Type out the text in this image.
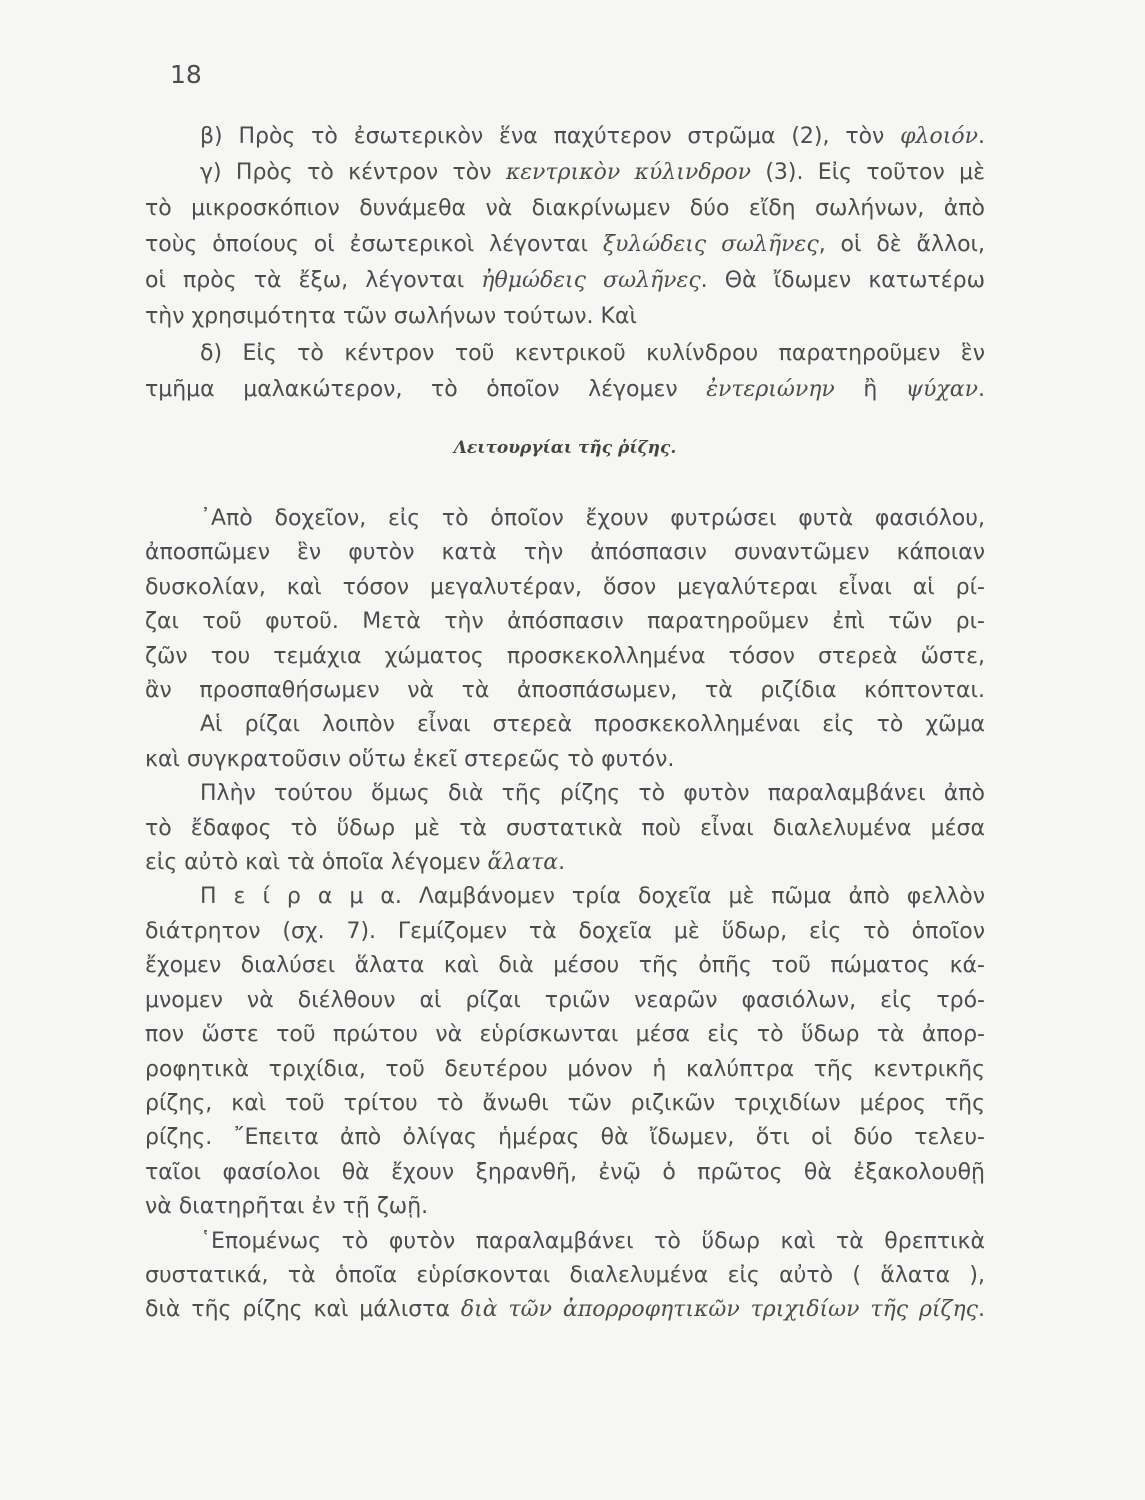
18
β) Πρὸς τὸ ἐσωτερικὸν ἕνα παχύτερον στρῶμα (2), τὸν φλοιόν.
γ) Πρὸς τὸ κέντρον τὸν κεντρικὸν κύλινδρον (3). Εἰς τοῦτον μὲ
τὸ μικροσκόπιον δυνάμεθα νὰ διακρίνωμεν δύο εἴδη σωλήνων, ἀπὸ
τοὺς ὁποίους οἱ ἐσωτερικοὶ λέγονται ξυλώδεις σωλῆνες, οἱ δὲ ἄλλοι,
οἱ πρὸς τὰ ἔξω, λέγονται ἠθμώδεις σωλῆνες. Θὰ ἴδωμεν κατωτέρω
τὴν χρησιμότητα τῶν σωλήνων τούτων. Καὶ
δ) Εἰς τὸ κέντρον τοῦ κεντρικοῦ κυλίνδρου παρατηροῦμεν ἓν
τμῆμα μαλακώτερον, τὸ ὁποῖον λέγομεν ἐντεριώνην ἢ ψύχαν.
Λειτουργίαι τῆς ῥίζης.
᾽Απὸ δοχεῖον, εἰς τὸ ὁποῖον ἔχουν φυτρώσει φυτὰ φασιόλου,
ἀποσπῶμεν ἓν φυτὸν κατὰ τὴν ἀπόσπασιν συναντῶμεν κάποιαν
δυσκολίαν, καὶ τόσον μεγαλυτέραν, ὅσον μεγαλύτεραι εἶναι αἱ ρί-
ζαι τοῦ φυτοῦ. Μετὰ τὴν ἀπόσπασιν παρατηροῦμεν ἐπὶ τῶν ρι-
ζῶν του τεμάχια χώματος προσκεκολλημένα τόσον στερεὰ ὥστε,
ἂν προσπαθήσωμεν νὰ τὰ ἀποσπάσωμεν, τὰ ριζίδια κόπτονται.
Αἱ ρίζαι λοιπὸν εἶναι στερεὰ προσκεκολλημέναι εἰς τὸ χῶμα
καὶ συγκρατοῦσιν οὕτω ἐκεῖ στερεῶς τὸ φυτόν.
Πλὴν τούτου ὅμως διὰ τῆς ρίζης τὸ φυτὸν παραλαμβάνει ἀπὸ
τὸ ἔδαφος τὸ ὕδωρ μὲ τὰ συστατικὰ ποὺ εἶναι διαλελυμένα μέσα
εἰς αὐτὸ καὶ τὰ ὁποῖα λέγομεν ἅλατα.
Π ε ί ρ α μ α. Λαμβάνομεν τρία δοχεῖα μὲ πῶμα ἀπὸ φελλὸν
διάτρητον (σχ. 7). Γεμίζομεν τὰ δοχεῖα μὲ ὕδωρ, εἰς τὸ ὁποῖον
ἔχομεν διαλύσει ἅλατα καὶ διὰ μέσου τῆς ὀπῆς τοῦ πώματος κά-
μνομεν νὰ διέλθουν αἱ ρίζαι τριῶν νεαρῶν φασιόλων, εἰς τρό-
πον ὥστε τοῦ πρώτου νὰ εὑρίσκωνται μέσα εἰς τὸ ὕδωρ τὰ ἀπορ-
ροφητικὰ τριχίδια, τοῦ δευτέρου μόνον ἡ καλύπτρα τῆς κεντρικῆς
ρίζης, καὶ τοῦ τρίτου τὸ ἄνωθι τῶν ριζικῶν τριχιδίων μέρος τῆς
ρίζης. ῎Επειτα ἀπὸ ὀλίγας ἡμέρας θὰ ἴδωμεν, ὅτι οἱ δύο τελευ-
ταῖοι φασίολοι θὰ ἔχουν ξηρανθῆ, ἐνῷ ὁ πρῶτος θὰ ἐξακολουθῇ
νὰ διατηρῆται ἐν τῇ ζωῇ.
῾Επομένως τὸ φυτὸν παραλαμβάνει τὸ ὕδωρ καὶ τὰ θρεπτικὰ
συστατικά, τὰ ὁποῖα εὑρίσκονται διαλελυμένα εἰς αὐτὸ ( ἅλατα ),
διὰ τῆς ρίζης καὶ μάλιστα διὰ τῶν ἀπορροφητικῶν τριχιδίων τῆς ρίζης.
